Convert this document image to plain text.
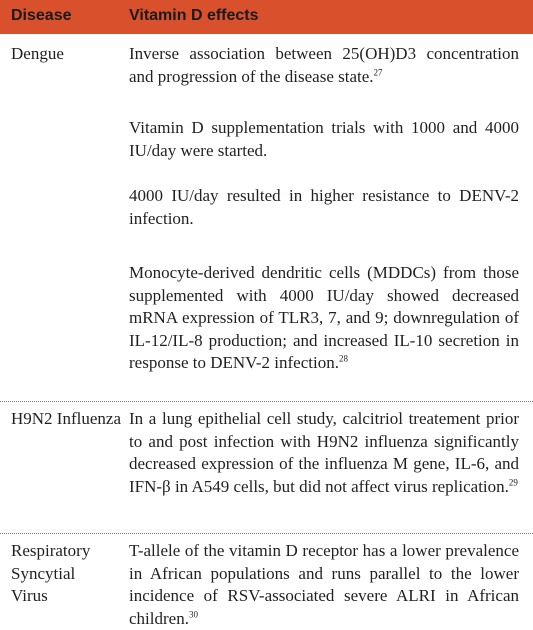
Disease	Vitamin D effects
Dengue	Inverse association between 25(OH)D3 concentration and progression of the disease state.$^{27}$

Vitamin D supplementation trials with 1000 and 4000 IU/day were started.

4000 IU/day resulted in higher resistance to DENV-2 infection.

Monocyte-derived dendritic cells (MDDCs) from those supplemented with 4000 IU/day showed decreased mRNA expression of TLR3, 7, and 9; downregulation of IL-12/IL-8 production; and increased IL-10 secretion in response to DENV-2 infection.$^{28}$

H9N2 Influenza In a lung epithelial cell study, calcitriol treatement prior to and post infection with H9N2 influenza significantly decreased expression of the influenza M gene, IL-6, and IFN-β in A549 cells, but did not affect virus replication.$^{29}$

Respiratory Syncytial Virus

T-allele of the vitamin D receptor has a lower prevalence in African populations and runs parallel to the lower incidence of RSV-associated severe ALRI in African children.$^{30}$
